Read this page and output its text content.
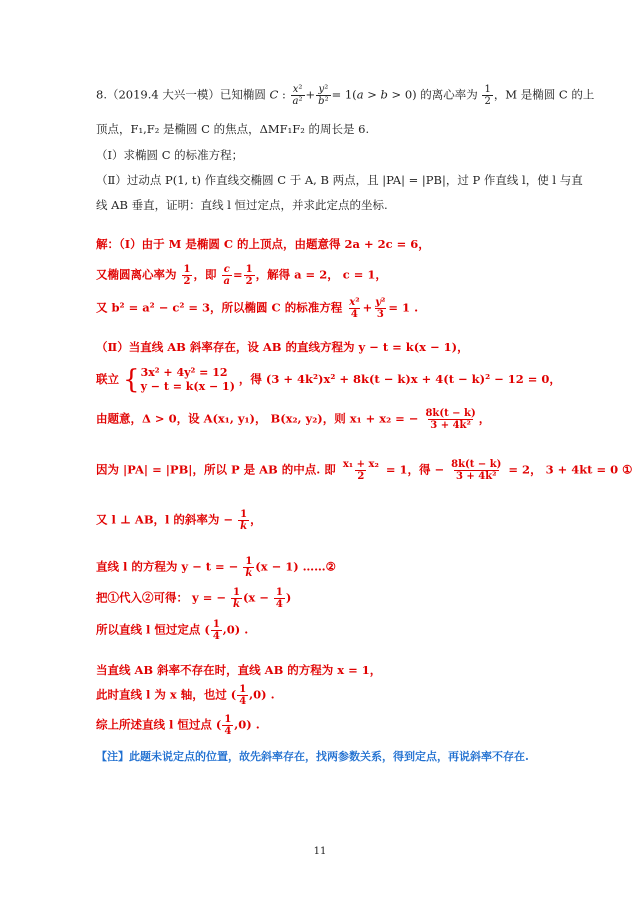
8.（2019.4 大兴一模）已知椭圆 C : $\frac{\text{x²}}{\text{a²}} + \frac{\text{y²}}{\text{b²}} = 1(a > b > 0)$ 的离心率为 $\frac{1}{2}$ ，M 是椭圆 C 的上
顶点，F₁,F₂ 是椭圆 C 的焦点，ΔMF₁F₂ 的周长是 6.
（Ⅰ）求椭圆 C 的标准方程；
（Ⅱ）过动点 P(1, t) 作直线交椭圆 C 于 A, B 两点，且 |PA| = |PB|，过 P 作直线 l，使 l 与直
线 AB 垂直，证明：直线 l 恒过定点，并求此定点的坐标.
解：（Ⅰ）由于 M 是椭圆 C 的上顶点，由题意得 2a + 2c = 6，
又椭圆离心率为 $\frac{1}{2}$ ，即 $\frac{c}{a} = \frac{1}{2}$ ，解得 a = 2， c = 1，
又 b² = a² − c² = 3，所以椭圆 C 的标准方程 $\frac{\text{x²}}{4} + \frac{\text{y²}}{3} = 1$ .
（Ⅱ）当直线 AB 斜率存在，设 AB 的直线方程为 y − t = k(x − 1)，
联立 { 3x² + 4y² = 12
y − t = k(x − 1)
，得 (3 + 4k²)x² + 8k(t − k)x + 4(t − k)² − 12 = 0，
由题意，Δ > 0，设 A(x₁, y₁)， B(x₂, y₂)，则 x₁ + x₂ = − $\frac{8k(t - k)}{\text{3 + 4k²}}$ ，
因为 |PA| = |PB|，所以 P 是 AB 的中点. 即 $\frac{\text{x₁ + x₂}}{2} = 1$，得 − $\frac{8k(t - k)}{\text{3 + 4k²}} = 2$， 3 + 4kt = 0 ①
又 l ⊥ AB，l 的斜率为 − $\frac{1}{k}$ ，
直线 l 的方程为 y − t = − $\frac{1}{k} (x - 1)$ ……②
把①代入②可得： y = − $\frac{1}{k} (x - \frac{1}{4}$ )
所以直线 l 恒过定点 ( $\frac{1}{4} ,0$) .
当直线 AB 斜率不存在时，直线 AB 的方程为 x = 1，
此时直线 l 为 x 轴，也过 ( $\frac{1}{4} ,0$) .
综上所述直线 l 恒过点 ( $\frac{1}{4} ,0$) .
【注】此题未说定点的位置，故先斜率存在，找两参数关系，得到定点，再说斜率不存在.
11
